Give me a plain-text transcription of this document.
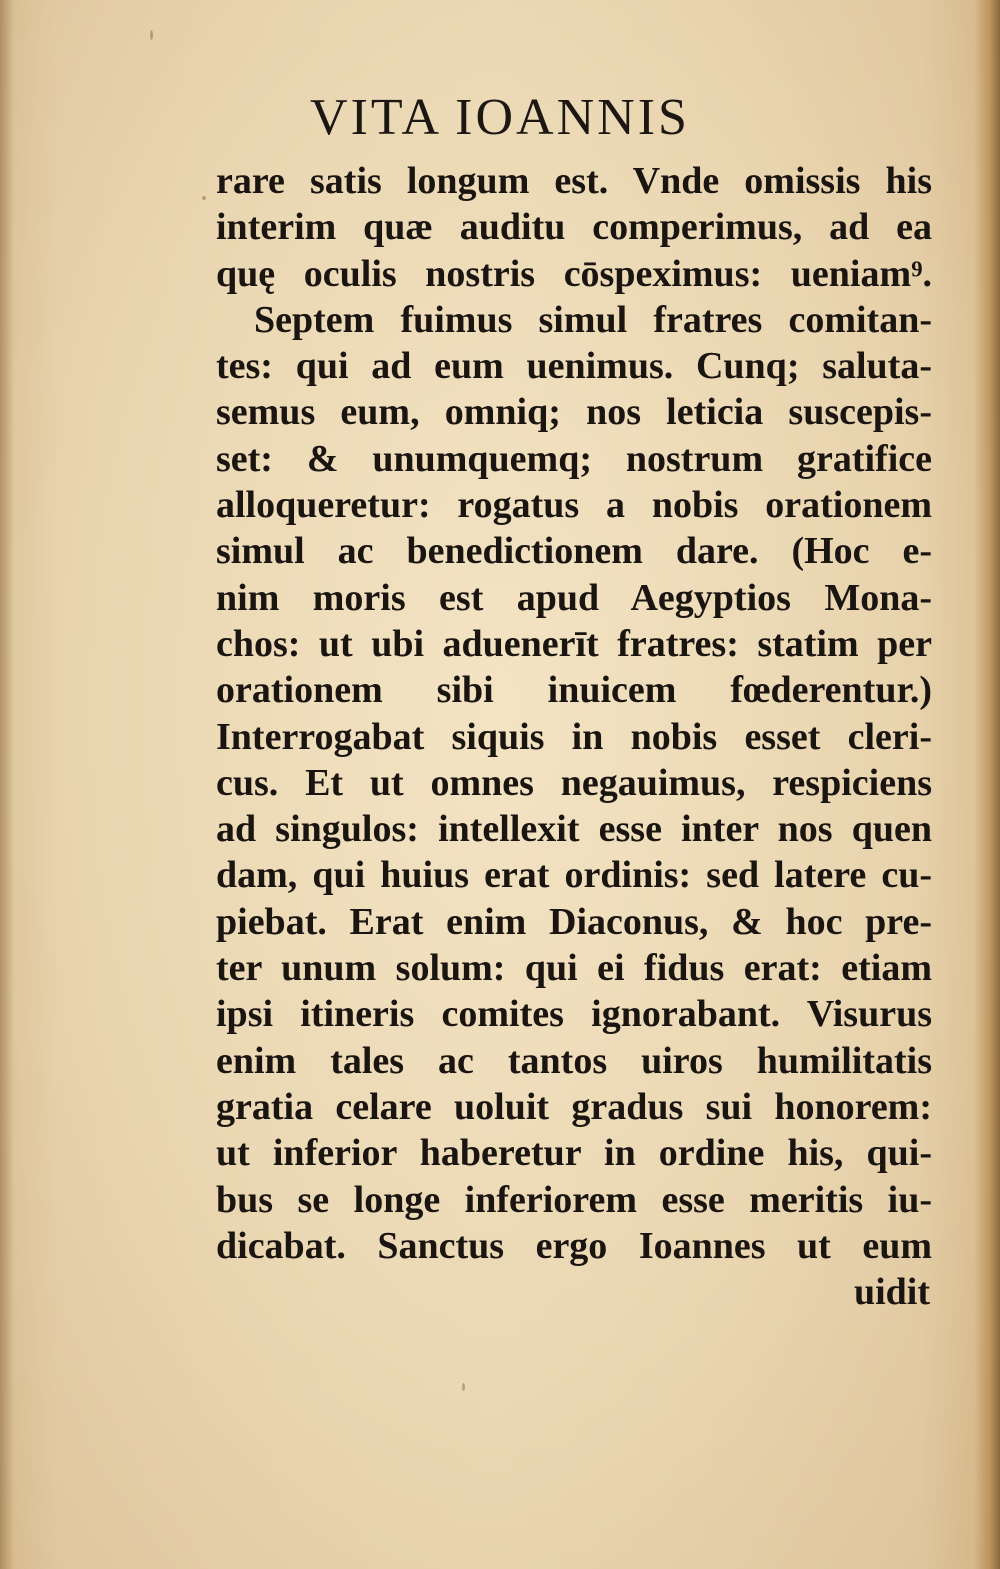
VITA IOANNIS
rare satis longum est. Vnde omissis his
interim quæ auditu comperimus, ad ea
quę oculis nostris cōspeximus: ueniam⁹.
Septem fuimus simul fratres comitan-
tes: qui ad eum uenimus. Cunq; saluta-
semus eum, omniq; nos leticia suscepis-
set: & unumquemq; nostrum gratifice
alloqueretur: rogatus a nobis orationem
simul ac benedictionem dare. (Hoc e-
nim moris est apud Aegyptios Mona-
chos: ut ubi aduenerīt fratres: statim per
orationem sibi inuicem fœderentur.)
Interrogabat siquis in nobis esset cleri-
cus. Et ut omnes negauimus, respiciens
ad singulos: intellexit esse inter nos quen
dam, qui huius erat ordinis: sed latere cu-
piebat. Erat enim Diaconus, & hoc pre-
ter unum solum: qui ei fidus erat: etiam
ipsi itineris comites ignorabant. Visurus
enim tales ac tantos uiros humilitatis
gratia celare uoluit gradus sui honorem:
ut inferior haberetur in ordine his, qui-
bus se longe inferiorem esse meritis iu-
dicabat. Sanctus ergo Ioannes ut eum

uidit
